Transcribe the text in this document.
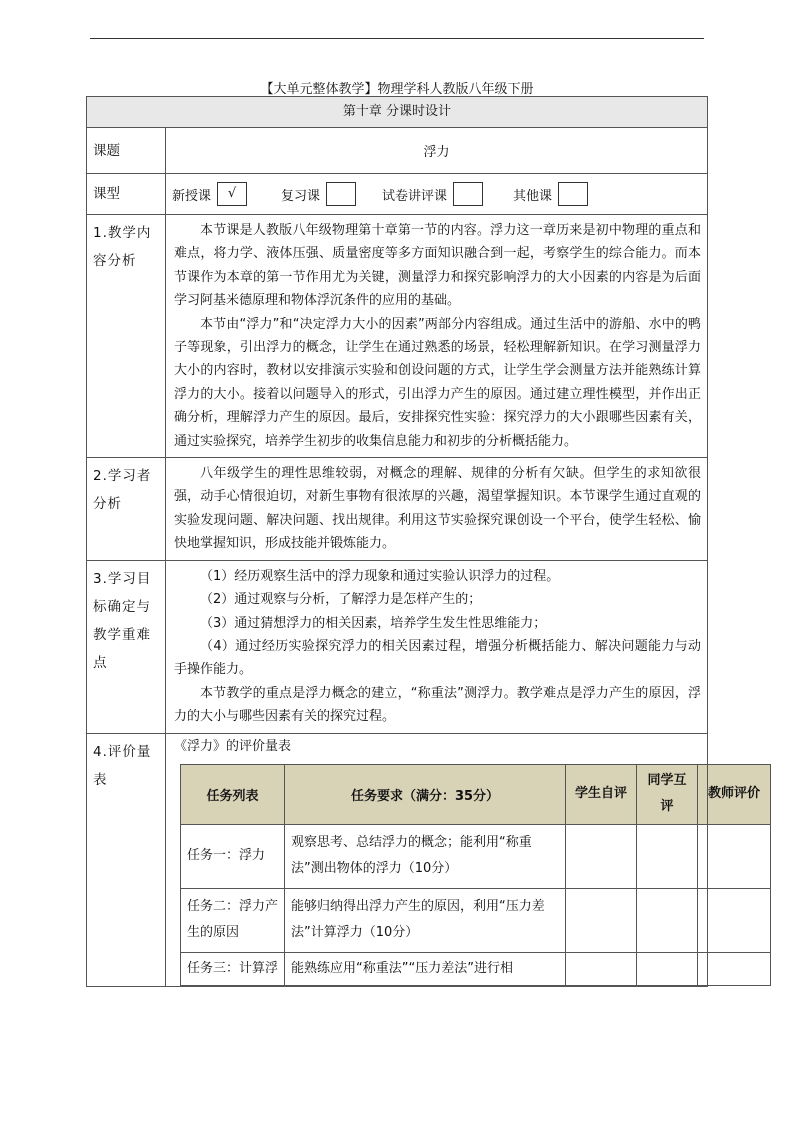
【大单元整体教学】物理学科人教版八年级下册
第十章 分课时设计
课题	浮力
课型	新授课	√	复习课	试卷讲评课	其他课

1.教学内容分析	

本节课是人教版八年级物理第十章第一节的内容。浮力这一章历来是初中物理的重点和难点，将力学、液体压强、质量密度等多方面知识融合到一起，考察学生的综合能力。而本节课作为本章的第一节作用尤为关键，测量浮力和探究影响浮力的大小因素的内容是为后面学习阿基米德原理和物体浮沉条件的应用的基础。

本节由“浮力”和“决定浮力大小的因素”两部分内容组成。通过生活中的游船、水中的鸭子等现象，引出浮力的概念，让学生在通过熟悉的场景，轻松理解新知识。在学习测量浮力大小的内容时，教材以安排演示实验和创设问题的方式，让学生学会测量方法并能熟练计算浮力的大小。接着以问题导入的形式，引出浮力产生的原因。通过建立理性模型，并作出正确分析，理解浮力产生的原因。最后，安排探究性实验：探究浮力的大小跟哪些因素有关，通过实验探究，培养学生初步的收集信息能力和初步的分析概括能力。

2.学习者分析	

八年级学生的理性思维较弱，对概念的理解、规律的分析有欠缺。但学生的求知欲很强，动手心情很迫切，对新生事物有很浓厚的兴趣，渴望掌握知识。本节课学生通过直观的实验发现问题、解决问题、找出规律。利用这节实验探究课创设一个平台，使学生轻松、愉快地掌握知识，形成技能并锻炼能力。

3.学习目标确定与教学重难点	

（1）经历观察生活中的浮力现象和通过实验认识浮力的过程。

（2）通过观察与分析，了解浮力是怎样产生的；

（3）通过猜想浮力的相关因素，培养学生发生性思维能力；

（4）通过经历实验探究浮力的相关因素过程，增强分析概括能力、解决问题能力与动手操作能力。

本节教学的重点是浮力概念的建立，“称重法”测浮力。教学难点是浮力产生的原因，浮力的大小与哪些因素有关的探究过程。

4.评价量表	
《浮力》的评价量表
任务列表	任务要求（满分：35分）	学生自评	同学互评	教师评价
任务一：浮力	观察思考、总结浮力的概念；能利用“称重法”测出物体的浮力（10分）			
任务二：浮力产生的原因	能够归纳得出浮力产生的原因，利用“压力差法”计算浮力（10分）			
任务三：计算浮	能熟练应用“称重法”“压力差法”进行相			
